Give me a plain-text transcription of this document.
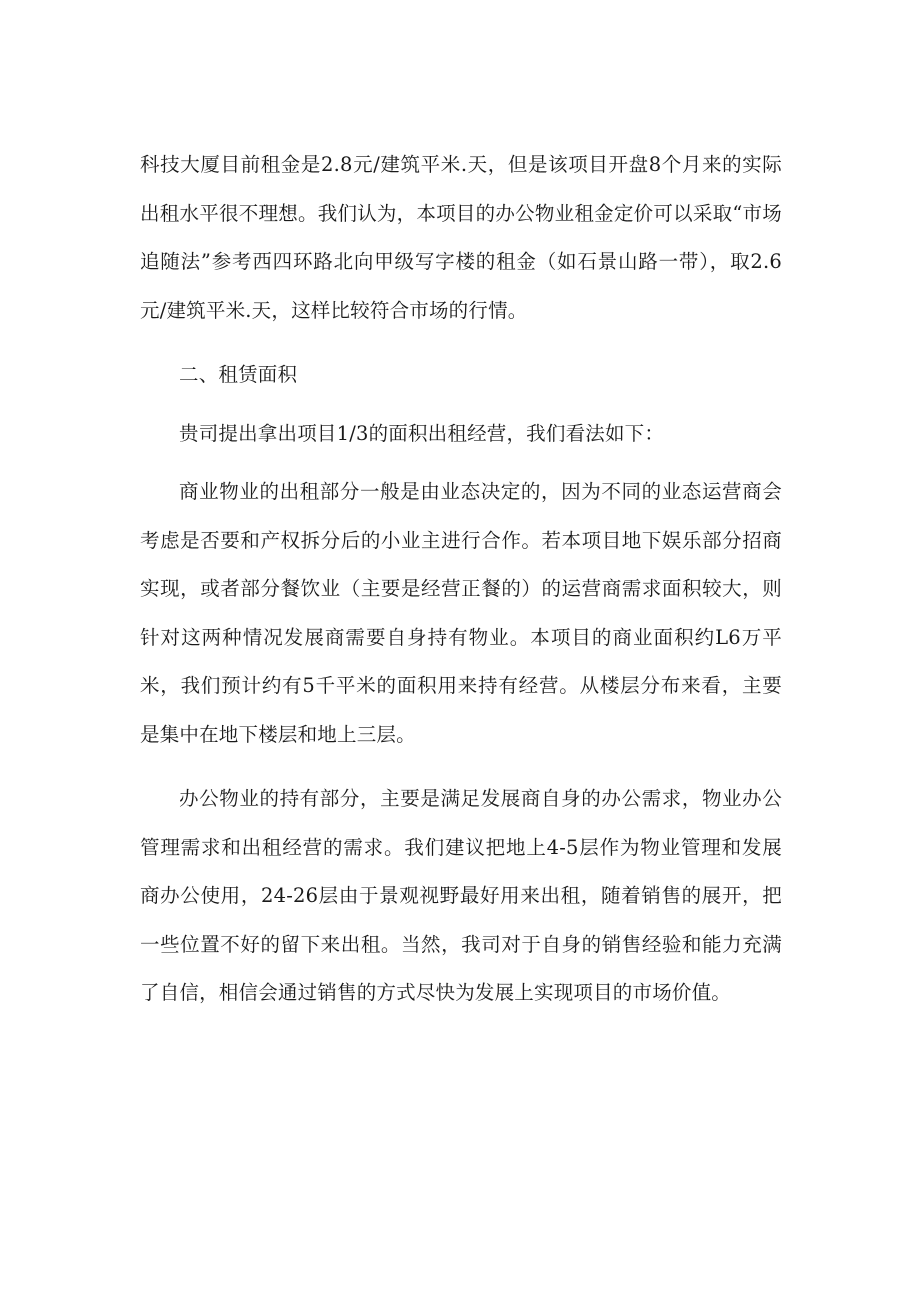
科技大厦目前租金是2.8元/建筑平米.天，但是该项目开盘8个月来的实际出租水平很不理想。我们认为，本项目的办公物业租金定价可以采取“市场追随法”参考西四环路北向甲级写字楼的租金（如石景山路一带），取2.6元/建筑平米.天，这样比较符合市场的行情。

二、租赁面积

贵司提出拿出项目1/3的面积出租经营，我们看法如下：

商业物业的出租部分一般是由业态决定的，因为不同的业态运营商会考虑是否要和产权拆分后的小业主进行合作。若本项目地下娱乐部分招商实现，或者部分餐饮业（主要是经营正餐的）的运营商需求面积较大，则针对这两种情况发展商需要自身持有物业。本项目的商业面积约L6万平米，我们预计约有5千平米的面积用来持有经营。从楼层分布来看，主要是集中在地下楼层和地上三层。

办公物业的持有部分，主要是满足发展商自身的办公需求，物业办公管理需求和出租经营的需求。我们建议把地上4-5层作为物业管理和发展商办公使用，24-26层由于景观视野最好用来出租，随着销售的展开，把一些位置不好的留下来出租。当然，我司对于自身的销售经验和能力充满了自信，相信会通过销售的方式尽快为发展上实现项目的市场价值。
